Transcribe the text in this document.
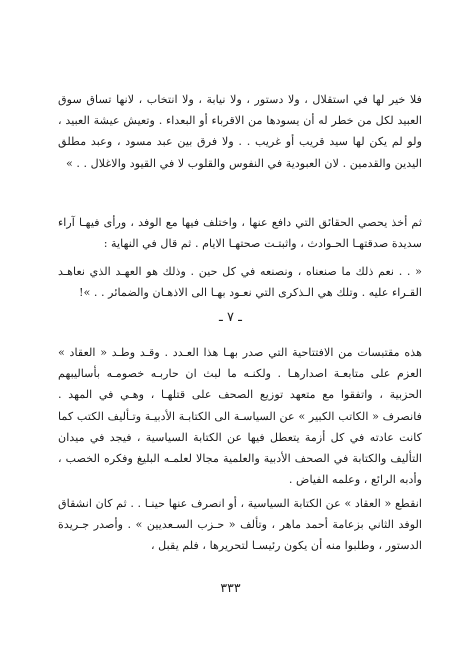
فلا خير لها في استقلال ، ولا دستور ، ولا نيابة ، ولا انتخاب ، لانها تساق سوق العبيد لكل من خطر له أن يسودها من الاقرباء أو البعداء . وتعيش عيشة العبيد ، ولو لم يكن لها سيد قريب أو غريب . . ولا فرق بين عبد مسود ، وعبد مطلق اليدين والقدمين . لان العبودية في النفوس والقلوب لا في القيود والاغلال . . »

ثم أخذ يحصي الحقائق التي دافع عنها ، واختلف فيها مع الوفد ، ورأى فيهـا آراء سديدة صدقتهـا الحـوادث ، واثبتـت صحتهـا الايام . ثم قال في النهاية :

« . . نعم ذلك ما صنعناه ، ونصنعه في كل حين . وذلك هو العهـد الذي نعاهـد القـراء عليه . وتلك هي الـذكرى التي نعـود بهـا الى الاذهـان والضمائر . . »!

ـ ٧ ـ

هذه مقتبسات من الافتتاحية التي صدر بهـا هذا العـدد . وقـد وطـد « العقاد » العزم على متابعـة اصدارهـا . ولكنـه ما لبث ان حاربـه خصومـه بأساليبهم الحزبية ، واتفقوا مع متعهد توزيع الصحف على قتلهـا ، وهـي في المهد . فانصرف « الكاتب الكبير » عن السياسـة الى الكتابـة الأدبيـة وتـأليف الكتب كما كانت عادته في كل أزمة يتعطل فيها عن الكتابة السياسية ، فيجد في ميدان التأليف والكتابة في الصحف الأدبية والعلمية مجالا لعلمـه البليغ وفكره الخصب ، وأدبه الرائع ، وعلمه الفياض .

انقطع « العقاد » عن الكتابة السياسية ، أو انصرف عنها حينـا . . ثم كان انشقاق الوفد الثاني بزعامة أحمد ماهر ، وتألف « حـزب السـعديين » . وأصدر جـريدة الدستور ، وطلبوا منه أن يكون رئيسـا لتحريرها ، فلم يقبل ،

٣٣٣
